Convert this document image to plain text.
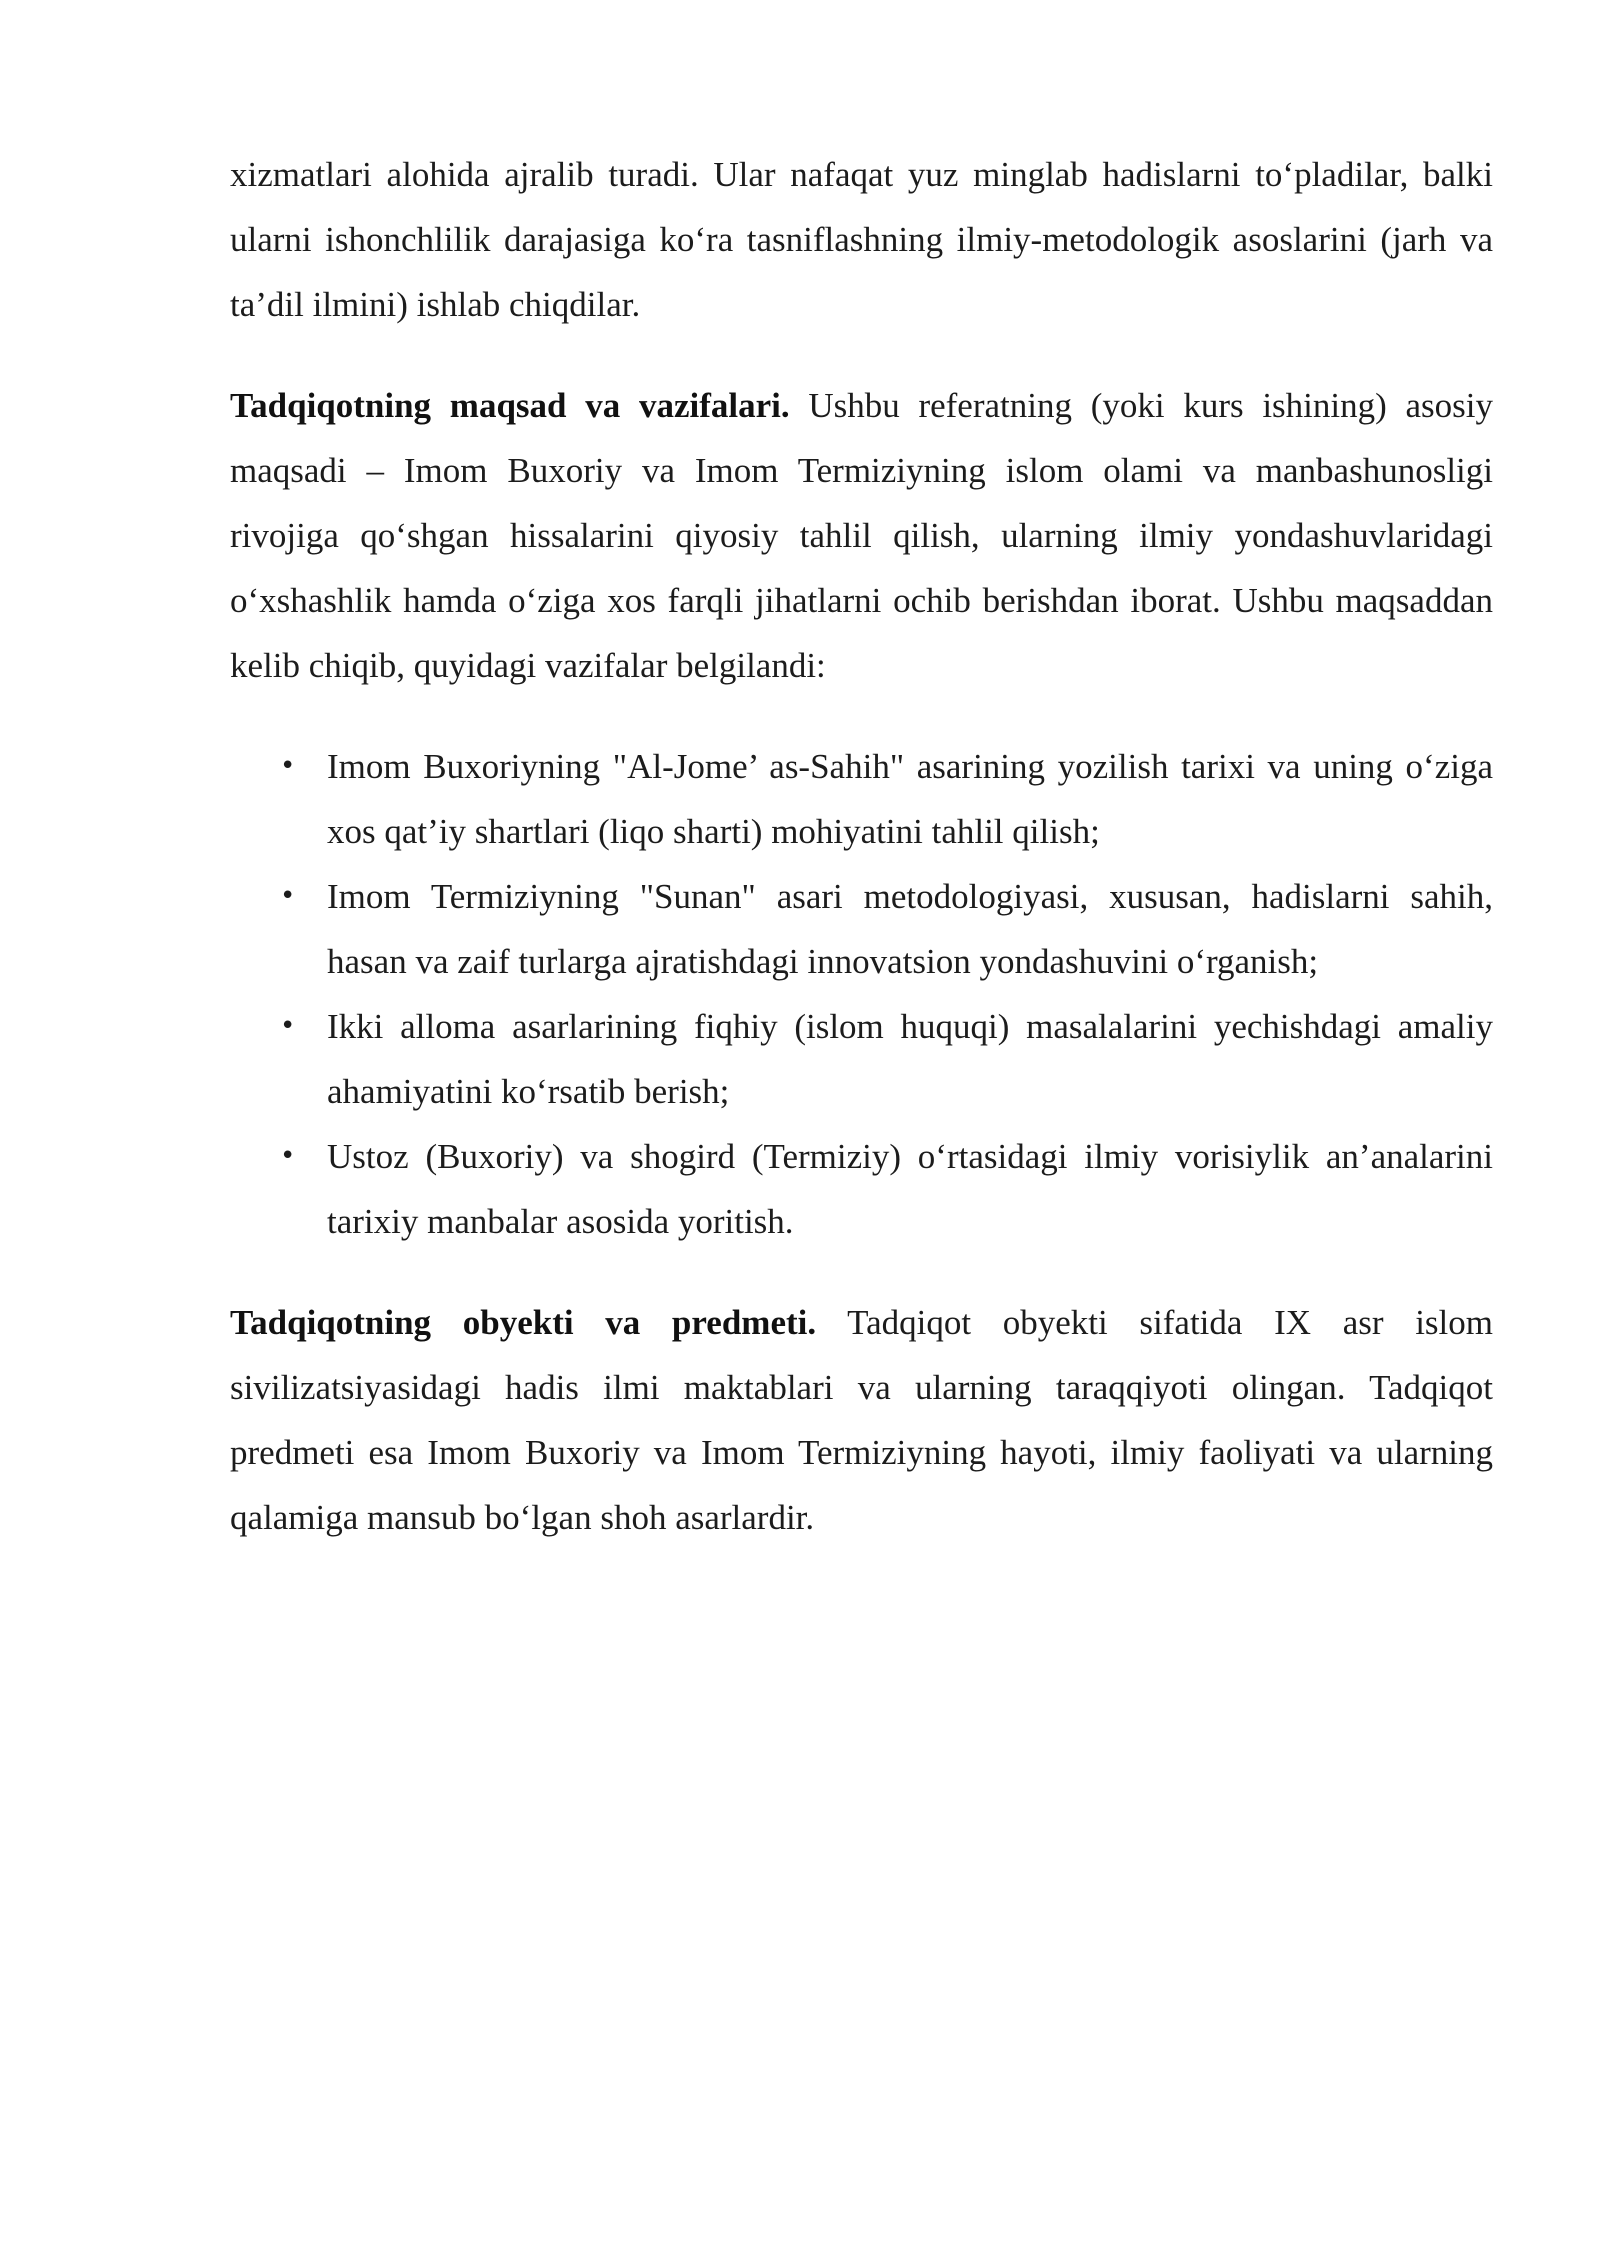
xizmatlari alohida ajralib turadi. Ular nafaqat yuz minglab hadislarni to‘pladilar, balki ularni ishonchlilik darajasiga ko‘ra tasniflashning ilmiy-metodologik asoslarini (jarh va ta’dil ilmini) ishlab chiqdilar.

Tadqiqotning maqsad va vazifalari. Ushbu referatning (yoki kurs ishining) asosiy maqsadi – Imom Buxoriy va Imom Termiziyning islom olami va manbashunosligi rivojiga qo‘shgan hissalarini qiyosiy tahlil qilish, ularning ilmiy yondashuvlaridagi o‘xshashlik hamda o‘ziga xos farqli jihatlarni ochib berishdan iborat. Ushbu maqsaddan kelib chiqib, quyidagi vazifalar belgilandi:

• Imom Buxoriyning "Al-Jome’ as-Sahih" asarining yozilish tarixi va uning o‘ziga xos qat’iy shartlari (liqo sharti) mohiyatini tahlil qilish;
• Imom Termiziyning "Sunan" asari metodologiyasi, xususan, hadislarni sahih, hasan va zaif turlarga ajratishdagi innovatsion yondashuvini o‘rganish;
• Ikki alloma asarlarining fiqhiy (islom huquqi) masalalarini yechishdagi amaliy ahamiyatini ko‘rsatib berish;
• Ustoz (Buxoriy) va shogird (Termiziy) o‘rtasidagi ilmiy vorisiylik an’analarini tarixiy manbalar asosida yoritish.

Tadqiqotning obyekti va predmeti. Tadqiqot obyekti sifatida IX asr islom sivilizatsiyasidagi hadis ilmi maktablari va ularning taraqqiyoti olingan. Tadqiqot predmeti esa Imom Buxoriy va Imom Termiziyning hayoti, ilmiy faoliyati va ularning qalamiga mansub bo‘lgan shoh asarlardir.
